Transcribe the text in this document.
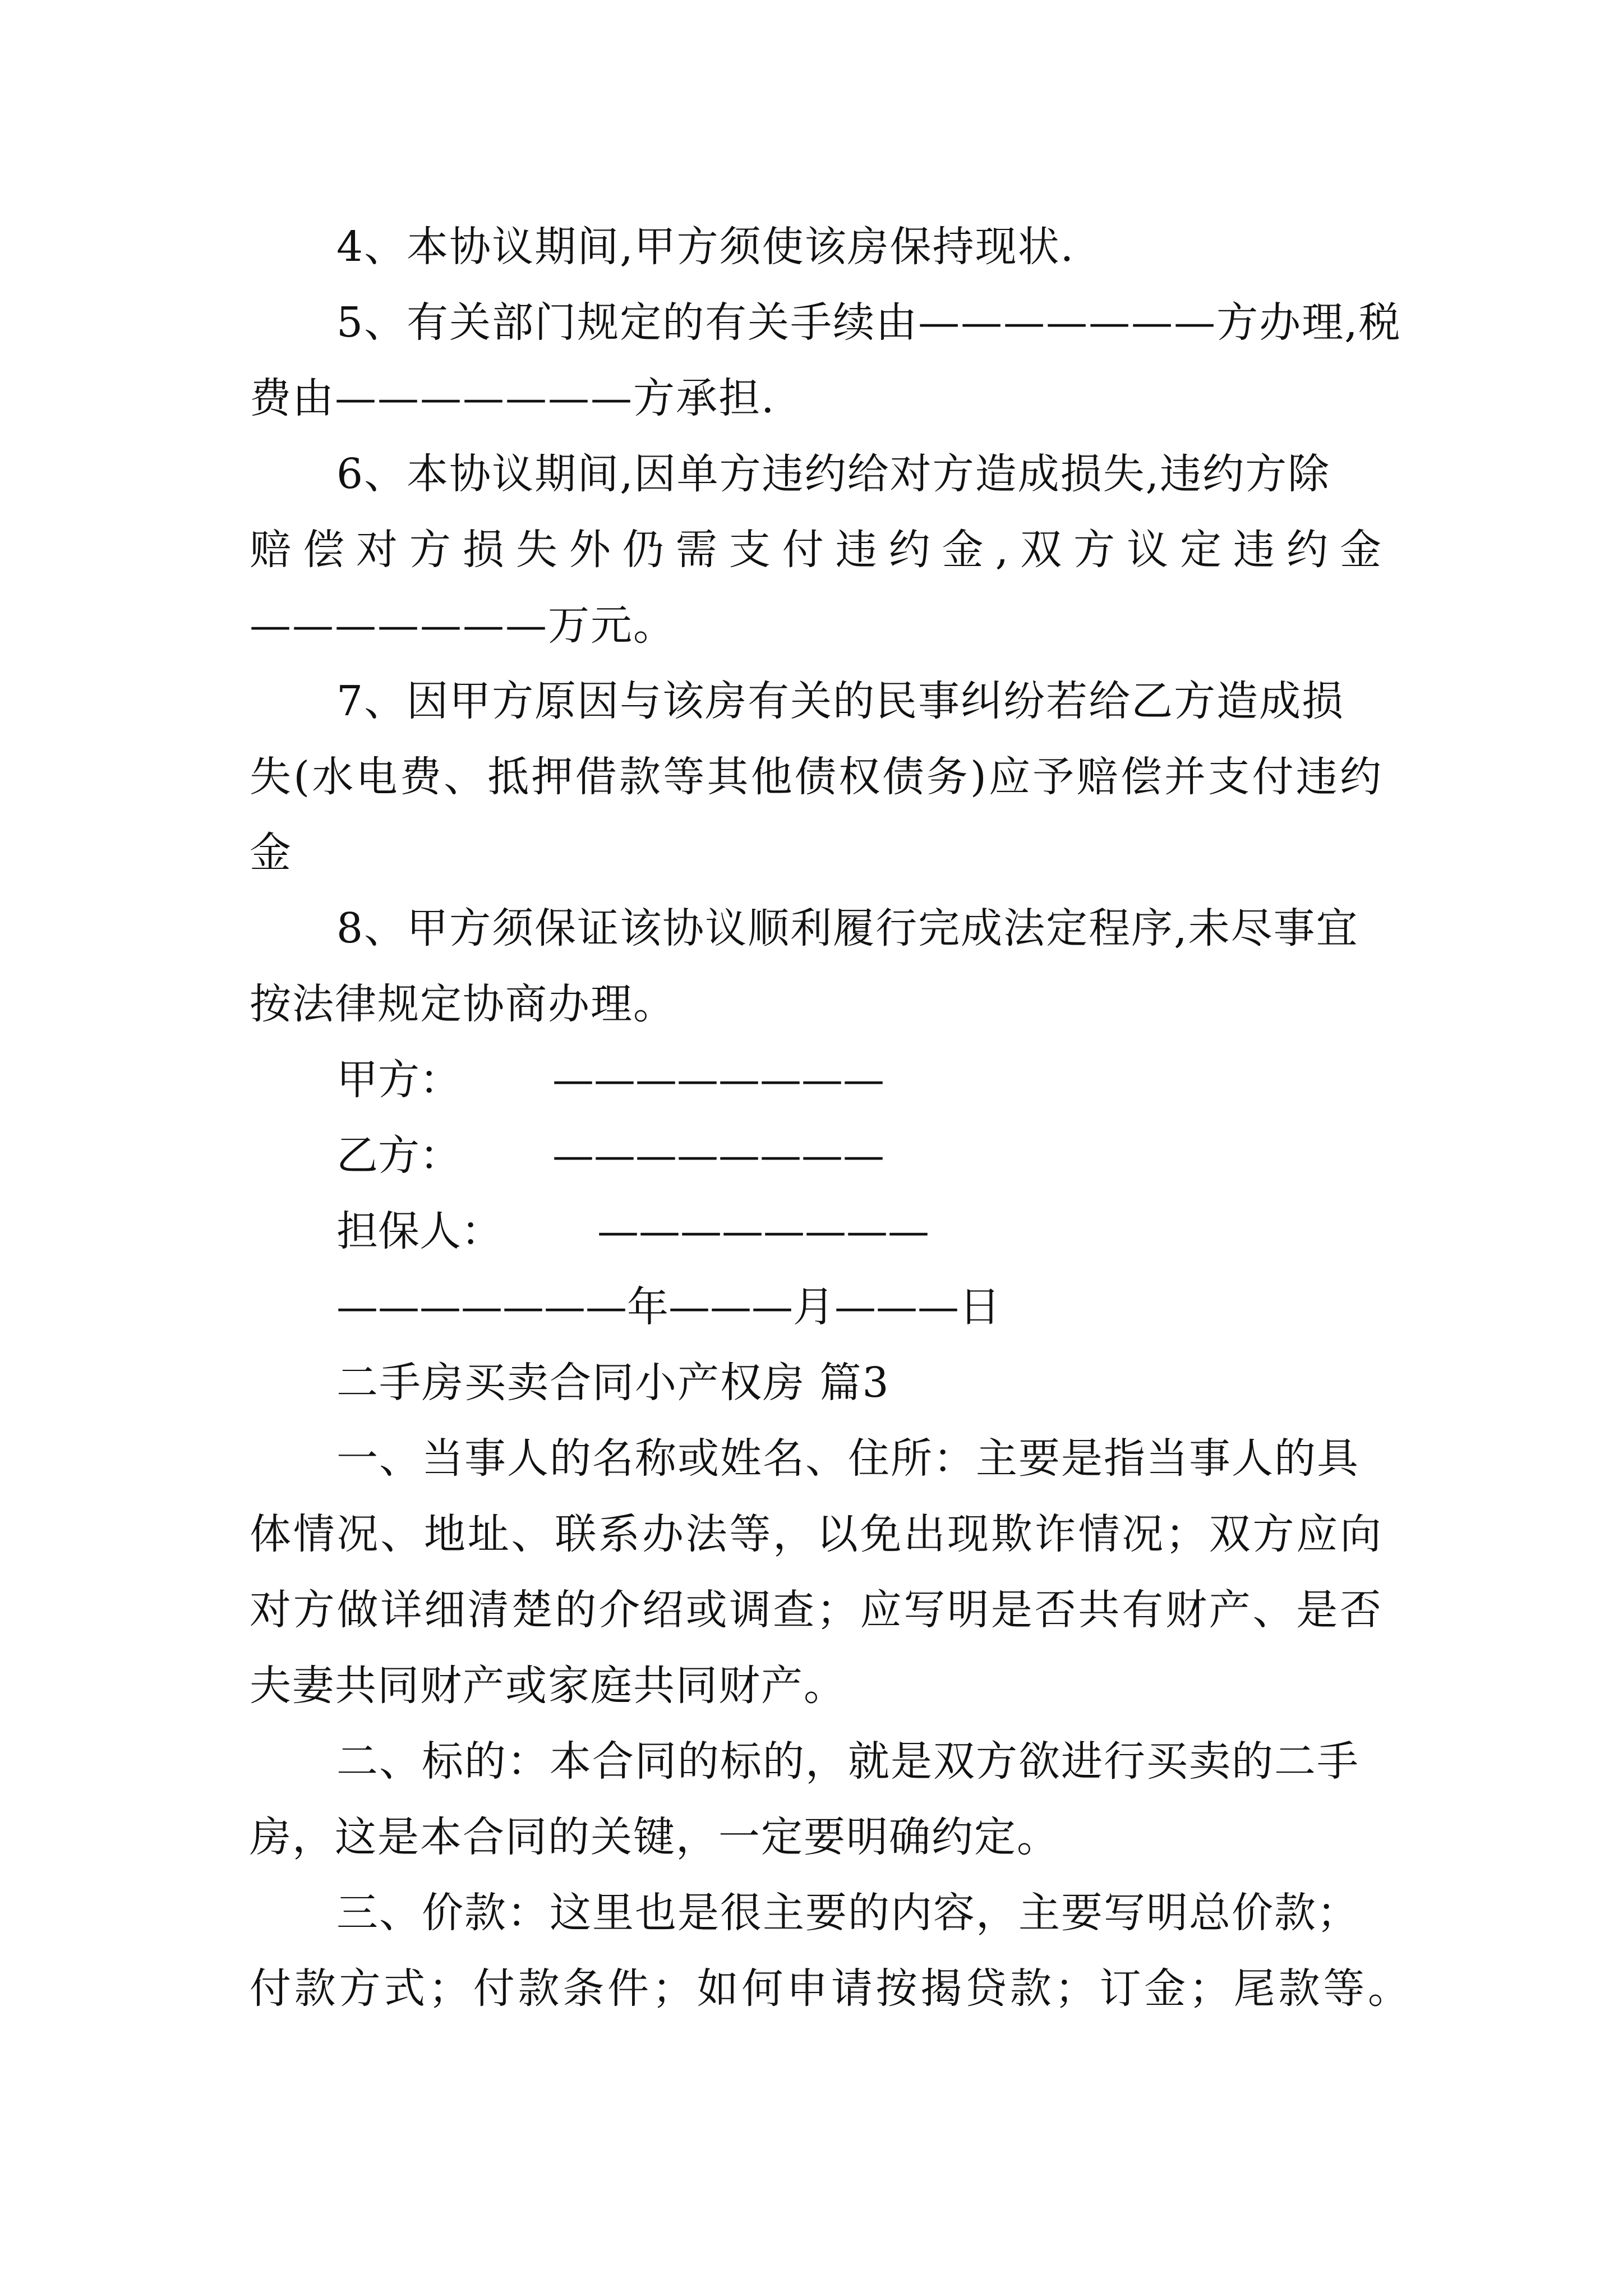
4、本协议期间,甲方须使该房保持现状.
5、有关部门规定的有关手续由———————方办理,税
费由———————方承担.
6、本协议期间,因单方违约给对方造成损失,违约方除
赔偿对方损失外仍需支付违约金,双方议定违约金
———————万元。
7、因甲方原因与该房有关的民事纠纷若给乙方造成损
失(水电费、抵押借款等其他债权债务)应予赔偿并支付违约
金
8、甲方须保证该协议顺利履行完成法定程序,未尽事宜
按法律规定协商办理。
甲方： ————————
乙方： ————————
担保人： ————————
———————年———月———日
二手房买卖合同小产权房 篇3
一、当事人的名称或姓名、住所：主要是指当事人的具
体情况、地址、联系办法等，以免出现欺诈情况；双方应向
对方做详细清楚的介绍或调查；应写明是否共有财产、是否
夫妻共同财产或家庭共同财产。
二、标的：本合同的标的，就是双方欲进行买卖的二手
房，这是本合同的关键，一定要明确约定。
三、价款：这里也是很主要的内容，主要写明总价款；
付款方式；付款条件；如何申请按揭贷款；订金；尾款等。
